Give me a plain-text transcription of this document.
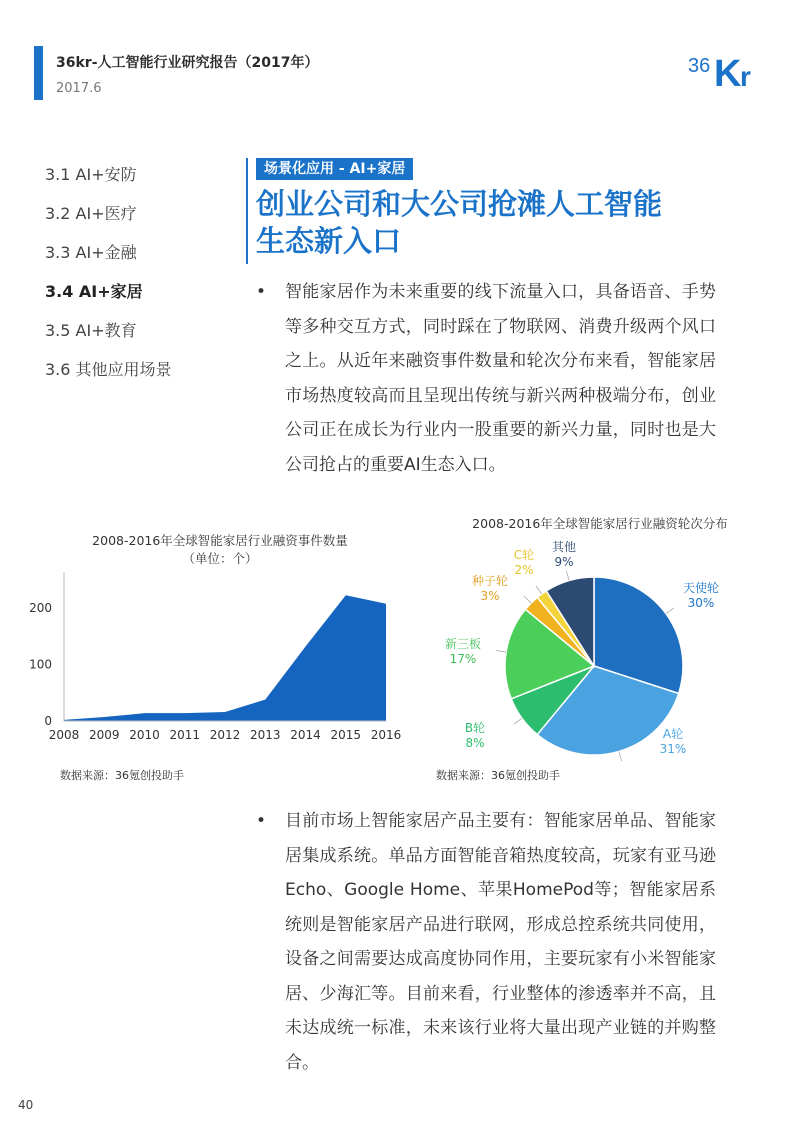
36kr-人工智能行业研究报告（2017年）
2017.6
36 K
r
3.1 AI+安防
3.2 AI+医疗
3.3 AI+金融
3.4 AI+家居
3.5 AI+教育
3.6 其他应用场景
场景化应用 - AI+家居
创业公司和大公司抢滩人工智能
生态新入口
• 智能家居作为未来重要的线下流量入口，具备语音、手势等多种交互方式，同时踩在了物联网、消费升级两个风口之上。从近年来融资事件数量和轮次分布来看，智能家居市场热度较高而且呈现出传统与新兴两种极端分布，创业公司正在成长为行业内一股重要的新兴力量，同时也是大公司抢占的重要AI生态入口。
2008-2016年全球智能家居行业融资事件数量
（单位：个）
0
100
200
2008 2009 2010 2011 2012 2013 2014 2015 2016
数据来源：36氪创投助手
2008-2016年全球智能家居行业融资轮次分布
天使轮
30%
A轮
31%
B轮
8%
新三板
17%
种子轮
3%
C轮
2%
其他
9%
数据来源：36氪创投助手
• 目前市场上智能家居产品主要有：智能家居单品、智能家居集成系统。单品方面智能音箱热度较高，玩家有亚马逊Echo、Google Home、苹果HomePod等；智能家居系统则是智能家居产品进行联网，形成总控系统共同使用，设备之间需要达成高度协同作用，主要玩家有小米智能家居、少海汇等。目前来看，行业整体的渗透率并不高，且未达成统一标准，未来该行业将大量出现产业链的并购整合。
40
